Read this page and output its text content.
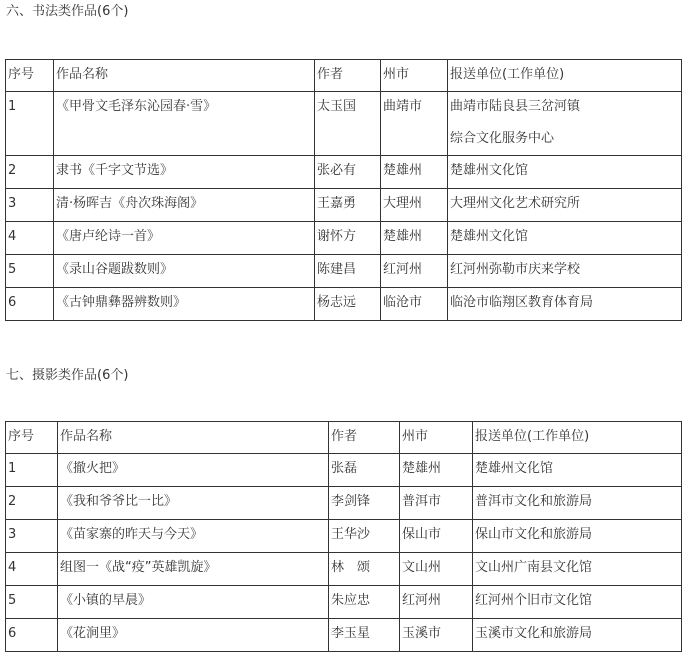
六、书法类作品(6个)
序号	作品名称	作者	州市	报送单位(工作单位)
1	《甲骨文毛泽东沁园春·雪》	太玉国	曲靖市	曲靖市陆良县三岔河镇
综合文化服务中心

2	隶书《千字文节选》	张必有	楚雄州	楚雄州文化馆
3	清·杨晖吉《舟次珠海阁》	王嘉勇	大理州	大理州文化艺术研究所
4	《唐卢纶诗一首》	谢怀方	楚雄州	楚雄州文化馆
5	《录山谷题跋数则》	陈建昌	红河州	红河州弥勒市庆来学校
6	《古钟鼎彝器辨数则》	杨志远	临沧市	临沧市临翔区教育体育局
七、摄影类作品(6个)
序号	作品名称	作者	州市	报送单位(工作单位)
1	《撤火把》	张磊	楚雄州	楚雄州文化馆
2	《我和爷爷比一比》	李剑锋	普洱市	普洱市文化和旅游局
3	《苗家寨的昨天与今天》	王华沙	保山市	保山市文化和旅游局
4	组图一《战“疫”英雄凯旋》	林　颂	文山州	文山州广南县文化馆
5	《小镇的早晨》	朱应忠	红河州	红河州个旧市文化馆
6	《花涧里》	李玉星	玉溪市	玉溪市文化和旅游局
